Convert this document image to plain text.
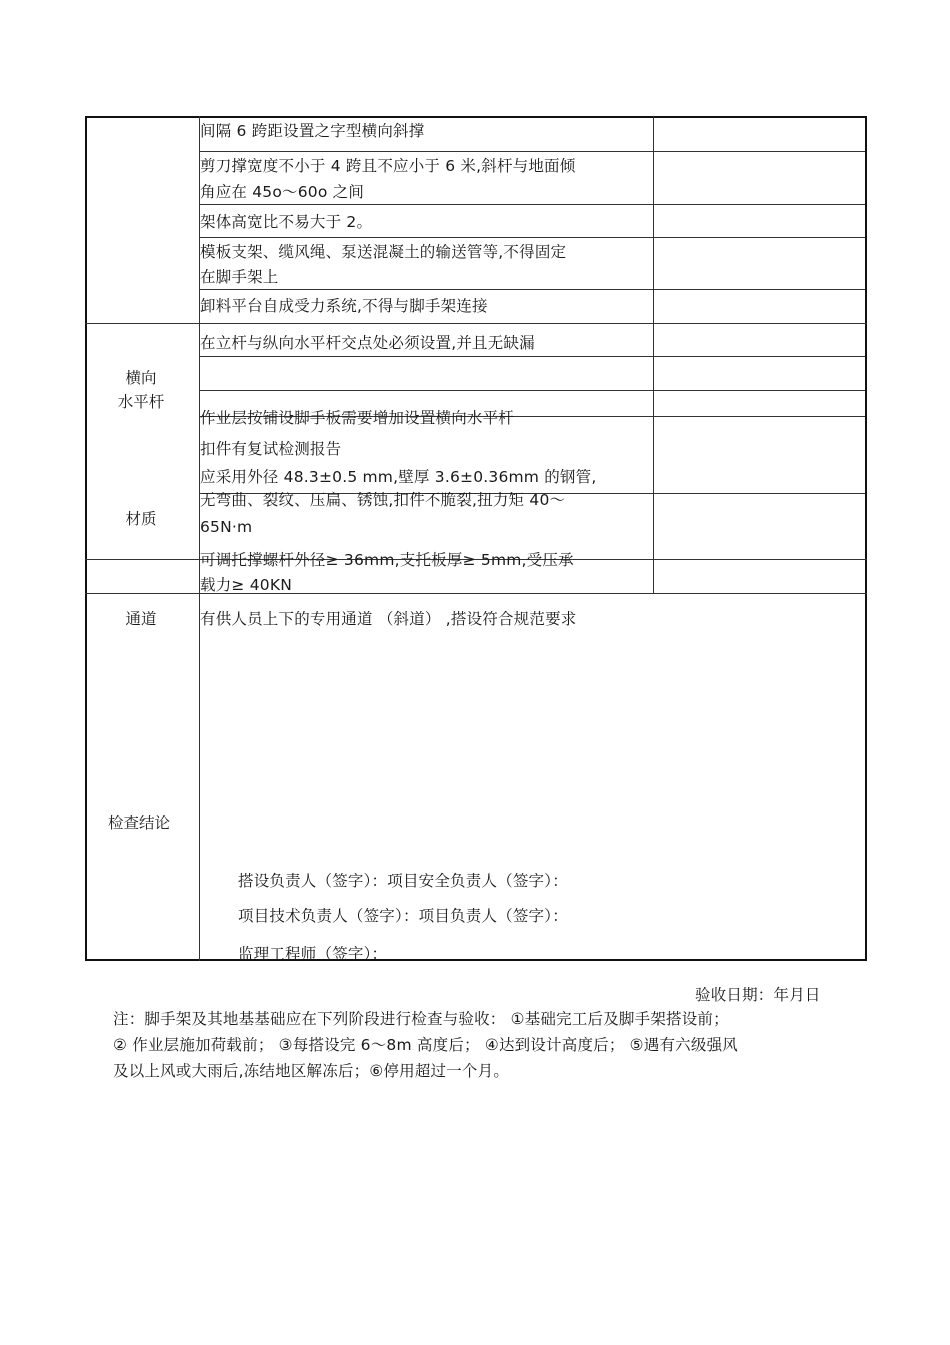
间隔 6 跨距设置之字型横向斜撑
剪刀撑宽度不小于 4 跨且不应小于 6 米,斜杆与地面倾
角应在 45o～60o 之间
架体高宽比不易大于 2。
模板支架、缆风绳、泵送混凝土的输送管等,不得固定
在脚手架上
卸料平台自成受力系统,不得与脚手架连接
横向
水平杆
在立杆与纵向水平杆交点处必须设置,并且无缺漏
作业层按铺设脚手板需要增加设置横向水平杆
材质
扣件有复试检测报告
应采用外径 48.3±0.5 mm,壁厚 3.6±0.36mm 的钢管,
无弯曲、裂纹、压扁、锈蚀,扣件不脆裂,扭力矩 40～
65N·m
可调托撑螺杆外径≥ 36mm,支托板厚≥ 5mm,受压承
载力≥ 40KN
通道	有供人员上下的专用通道 （斜道） ,搭设符合规范要求
检查结论
搭设负责人（签字）：项目安全负责人（签字）：
项目技术负责人（签字）：项目负责人（签字）：
监理工程师（签字）：
验收日期：年月日
注：脚手架及其地基基础应在下列阶段进行检查与验收： ①基础完工后及脚手架搭设前；
② 作业层施加荷载前； ③每搭设完 6～8m 高度后； ④达到设计高度后； ⑤遇有六级强风
及以上风或大雨后,冻结地区解冻后；⑥停用超过一个月。
